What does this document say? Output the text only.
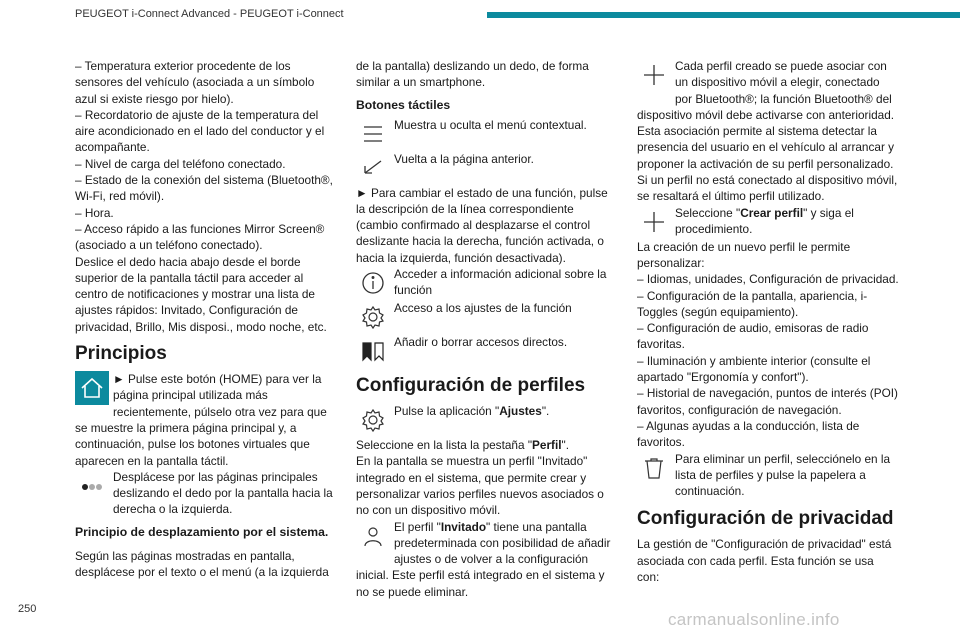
PEUGEOT i-Connect Advanced - PEUGEOT i-Connect

– Temperatura exterior procedente de los sensores del vehículo (asociada a un símbolo azul si existe riesgo por hielo).

– Recordatorio de ajuste de la temperatura del aire acondicionado en el lado del conductor y el acompañante.

– Nivel de carga del teléfono conectado.

– Estado de la conexión del sistema (Bluetooth®, Wi-Fi, red móvil).

– Hora.

– Acceso rápido a las funciones Mirror Screen® (asociado a un teléfono conectado).

Deslice el dedo hacia abajo desde el borde superior de la pantalla táctil para acceder al centro de notificaciones y mostrar una lista de ajustes rápidos: Invitado, Configuración de privacidad, Brillo, Mis disposi., modo noche, etc.

Principios
► Pulse este botón (HOME) para ver la página principal utilizada más recientemente, púlselo otra vez para que se muestre la primera página principal y, a continuación, pulse los botones virtuales que aparecen en la pantalla táctil.
Desplácese por las páginas principales deslizando el dedo por la pantalla hacia la derecha o la izquierda.
Principio de desplazamiento por el sistema.

Según las páginas mostradas en pantalla, desplácese por el texto o el menú (a la izquierda

de la pantalla) deslizando un dedo, de forma similar a un smartphone.

Botones táctiles
Muestra u oculta el menú contextual.
Vuelta a la página anterior.

► Para cambiar el estado de una función, pulse la descripción de la línea correspondiente (cambio confirmado al desplazarse el control deslizante hacia la derecha, función activada, o hacia la izquierda, función desactivada).

Acceder a información adicional sobre la función
Acceso a los ajustes de la función
Añadir o borrar accesos directos.
Configuración de perfiles
Pulse la aplicación "Ajustes".

Seleccione en la lista la pestaña "Perfil".

En la pantalla se muestra un perfil "Invitado" integrado en el sistema, que permite crear y personalizar varios perfiles nuevos asociados o no con un dispositivo móvil.

El perfil "Invitado" tiene una pantalla predeterminada con posibilidad de añadir ajustes o de volver a la configuración inicial. Este perfil está integrado en el sistema y no se puede eliminar.
Cada perfil creado se puede asociar con un dispositivo móvil a elegir, conectado por Bluetooth®; la función Bluetooth® del dispositivo móvil debe activarse con anterioridad. Esta asociación permite al sistema detectar la presencia del usuario en el vehículo al arrancar y proponer la activación de su perfil personalizado. Si un perfil no está conectado al dispositivo móvil, se resaltará el último perfil utilizado.
Seleccione "Crear perfil" y siga el procedimiento.

La creación de un nuevo perfil le permite personalizar:

– Idiomas, unidades, Configuración de privacidad.

– Configuración de la pantalla, apariencia, i-Toggles (según equipamiento).

– Configuración de audio, emisoras de radio favoritas.

– Iluminación y ambiente interior (consulte el apartado "Ergonomía y confort").

– Historial de navegación, puntos de interés (POI) favoritos, configuración de navegación.

– Algunas ayudas a la conducción, lista de favoritos.

Para eliminar un perfil, selecciónelo en la lista de perfiles y pulse la papelera a continuación.
Configuración de privacidad

La gestión de "Configuración de privacidad" está asociada con cada perfil. Esta función se usa con:

250
carmanualsonline.info
